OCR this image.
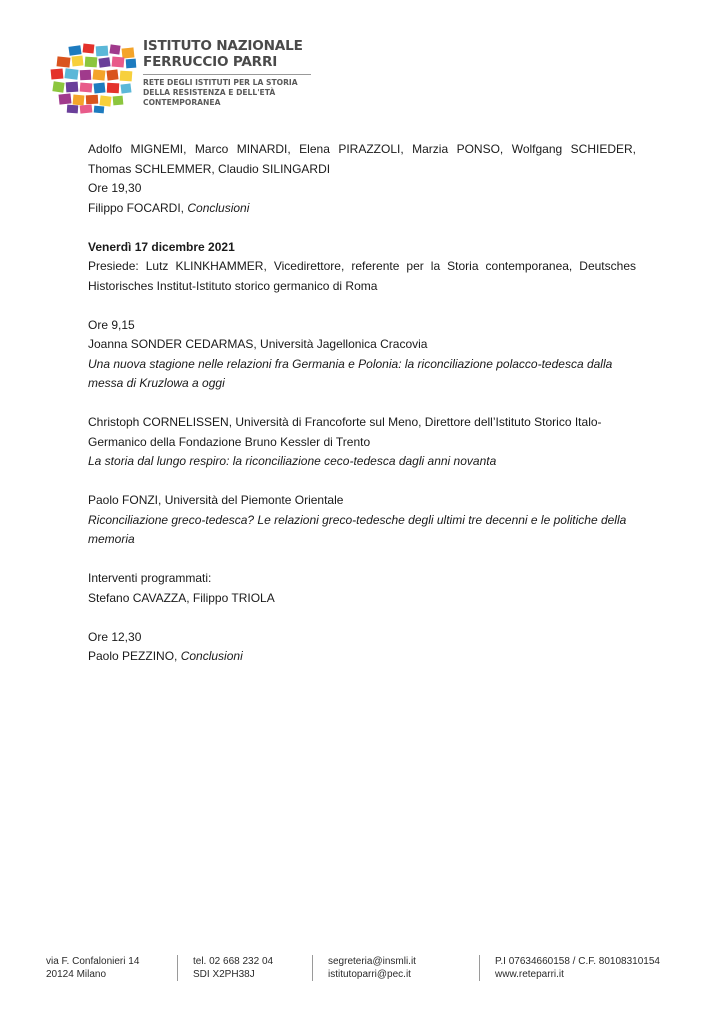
ISTITUTO NAZIONALE
FERRUCCIO PARRI
RETE DEGLI ISTITUTI PER LA STORIA
DELLA RESISTENZA E DELL'ETÀ
CONTEMPORANEA

Adolfo MIGNEMI, Marco MINARDI, Elena PIRAZZOLI, Marzia PONSO, Wolfgang SCHIEDER, Thomas SCHLEMMER, Claudio SILINGARDI

Ore 19,30

Filippo FOCARDI, Conclusioni

Venerdì 17 dicembre 2021

Presiede: Lutz KLINKHAMMER, Vicedirettore, referente per la Storia contemporanea, Deutsches Historisches Institut-Istituto storico germanico di Roma

Ore 9,15

Joanna SONDER CEDARMAS, Università Jagellonica Cracovia

Una nuova stagione nelle relazioni fra Germania e Polonia: la riconciliazione polacco-tedesca dalla messa di Kruzlowa a oggi

Christoph CORNELISSEN, Università di Francoforte sul Meno, Direttore dell’Istituto Storico Italo-

Germanico della Fondazione Bruno Kessler di Trento

La storia dal lungo respiro: la riconciliazione ceco-tedesca dagli anni novanta

Paolo FONZI, Università del Piemonte Orientale

Riconciliazione greco-tedesca? Le relazioni greco-tedesche degli ultimi tre decenni e le politiche della memoria

Interventi programmati:

Stefano CAVAZZA, Filippo TRIOLA

Ore 12,30

Paolo PEZZINO, Conclusioni

via F. Confalonieri 14
20124 Milano
tel. 02 668 232 04
SDI X2PH38J
segreteria@insmli.it
istitutoparri@pec.it
P.I 07634660158 / C.F. 80108310154
www.reteparri.it
